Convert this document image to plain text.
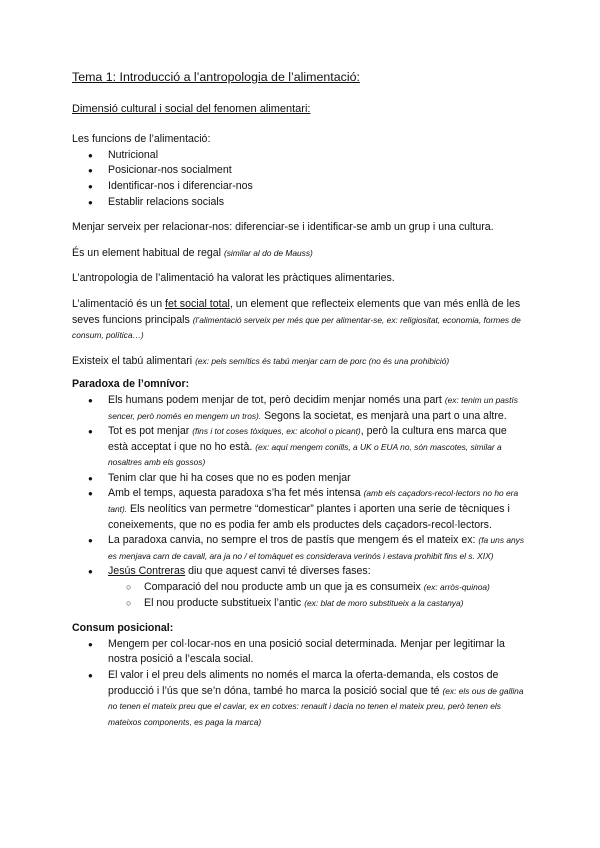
Tema 1: Introducció a l’antropologia de l’alimentació:

Dimensió cultural i social del fenomen alimentari:

Les funcions de l’alimentació:

● Nutricional
● Posicionar-nos socialment
● Identificar-nos i diferenciar-nos
● Establir relacions socials

Menjar serveix per relacionar-nos: diferenciar-se i identificar-se amb un grup i una cultura.

És un element habitual de regal (similar al do de Mauss)

L’antropologia de l’alimentació ha valorat les pràctiques alimentaries.

L’alimentació és un fet social total, un element que reflecteix elements que van més enllà de les seves funcions principals (l’alimentació serveix per més que per alimentar-se, ex: religiositat, economia, formes de consum, política…)

Existeix el tabú alimentari (ex: pels semítics és tabú menjar carn de porc (no és una prohibició)

Paradoxa de l’omnívor:

● Els humans podem menjar de tot, però decidim menjar només una part (ex: tenim un pastís sencer, però només en mengem un tros). Segons la societat, es menjarà una part o una altre.
● Tot es pot menjar (fins i tot coses tòxiques, ex: alcohol o picant), però la cultura ens marca que està acceptat i que no ho està. (ex: aquí mengem conills, a UK o EUA no, són mascotes, similar a nosaltres amb els gossos)
● Tenim clar que hi ha coses que no es poden menjar
● Amb el temps, aquesta paradoxa s’ha fet més intensa (amb els caçadors-recol·lectors no ho era tant). Els neolítics van permetre “domesticar” plantes i aporten una serie de tècniques i coneixements, que no es podia fer amb els productes dels caçadors-recol·lectors.
● La paradoxa canvia, no sempre el tros de pastís que mengem és el mateix ex: (fa uns anys es menjava carn de cavall, ara ja no / el tomàquet es considerava verinós i estava prohibit fins el s. XIX)
● Jesús Contreras diu que aquest canvi té diverses fases:
○ Comparació del nou producte amb un que ja es consumeix (ex: arròs-quinoa)
○ El nou producte substitueix l’antic (ex: blat de moro substitueix a la castanya)

Consum posicional:

● Mengem per col·locar-nos en una posició social determinada. Menjar per legitimar la nostra posició a l’escala social.
● El valor i el preu dels aliments no només el marca la oferta-demanda, els costos de producció i l’ús que se’n dóna, també ho marca la posició social que té (ex: els ous de gallina no tenen el mateix preu que el caviar, ex en cotxes: renault i dacia no tenen el mateix preu, però tenen els mateixos components, es paga la marca)
